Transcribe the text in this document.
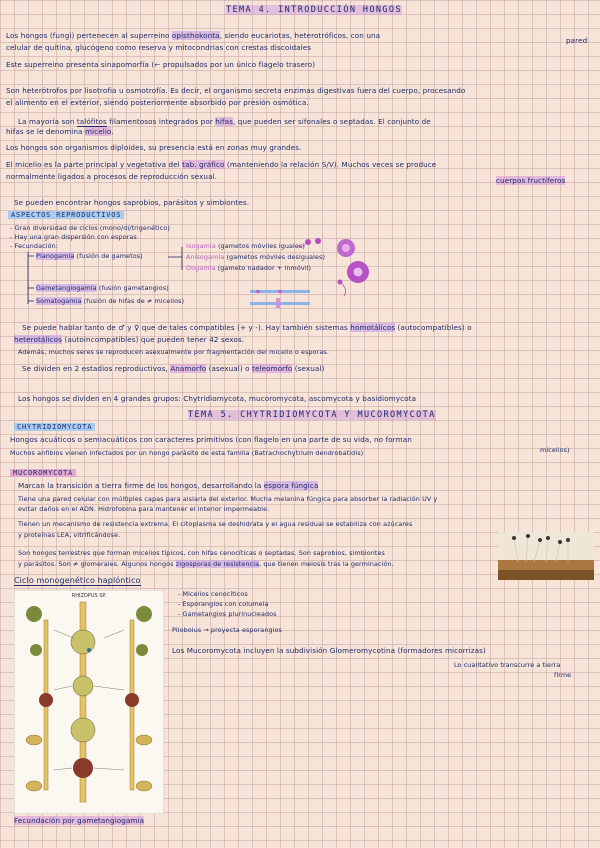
TEMA 4. INTRODUCCIÓN HONGOS
Los hongos (fungi) pertenecen al superreino opisthokonta, siendo eucariotas, heterotróficos, con una
pared
celular de quitina, glucógeno como reserva y mitocondrias con crestas discoidales
Este superreino presenta sinapomorfía (← propulsados por un único flagelo trasero)
Son heterótrofos por lisotrofia u osmotrofía. Es decir, el organismo secreta enzimas digestivas fuera del cuerpo, procesando
el alimento en el exterior, siendo posteriormente absorbido por presión osmótica.
La mayoría son talófitos filamentosos integrados por hifas, que pueden ser sifonales o septadas. El conjunto de
hifas se le denomina micelio.
Los hongos son organismos diploides, su presencia está en zonas muy grandes.
El micelio es la parte principal y vegetativa del tab. gráfico (manteniendo la relación S/V). Muchos veces se produce
normalmente ligados a procesos de reproducción sexual.	cuerpos fructíferos
Se pueden encontrar hongos saprobios, parásitos y simbiontes.
ASPECTOS REPRODUCTIVOS
- Gran diversidad de ciclos (mono/di/trigenético)
- Hay una gran dispersión con esporas
- Fecundación:
Planogamia (fusión de gametos)
Isogamia (gametos móviles iguales)
Anisogamia (gametos móviles desiguales)
Oogamia (gameto nadador + inmóvil)
Gametangiogamia (fusión gametangios)
Somatogamia (fusión de hifas de ≠ micelios)
Se puede hablar tanto de ♂ y ♀ que de tales compatibles (+ y -). Hay también sistemas homotálicos (autocompatibles) o
heterotálicos (autoincompatibles) que pueden tener 42 sexos.
Además, muchos seres se reproducen asexualmente por fragmentación del micelio o esporas.
Se dividen en 2 estadios reproductivos, Anamorfo (asexual) o teleomorfo (sexual)
Los hongos se dividen en 4 grandes grupos: Chytridiomycota, mucoromycota, ascomycota y basidiomycota
TEMA 5. CHYTRIDIOMYCOTA Y MUCOROMYCOTA
CHYTRIDIOMYCOTA
Hongos acuáticos o semiacuáticos con caracteres primitivos (con flagelo en una parte de su vida, no forman
micelios)
Muchos anfibios vienen infectados por un hongo parásito de esta familia (Batrachochytrium dendrobatidis)
MUCOROMYCOTA
Marcan la transición a tierra firme de los hongos, desarrollando la espora fúngica
Tiene una pared celular con múltiples capas para aislarla del exterior. Mucha melanina fúngica para absorber la radiación UV y
evitar daños en el ADN. Hidrofobina para mantener el interior impermeable.
Tienen un mecanismo de resistencia extrema. El citoplasma se deshidrata y el agua residual se estabiliza con azúcares
y proteínas LEA, vitrificándose.
Son hongos terrestres que forman micelios típicos, con hifas cenocíticas o septadas. Son saprobios, simbiontes
y parásitos. Son ≠ glomerales. Algunos hongos zigosporas de resistencia, que tienen meiosis tras la germinación.
Ciclo monogenético haplóntico
RHIZOPUS SP.	- Micelios cenocíticos
- Esporangios con columela
- Gametangios plurinucleados
Pilobolus → proyecta esporangios
Los Mucoromycota incluyen la subdivisión Glomeromycotina (formadores micorrizas)
Lo cualitativo transcurre a tierra
firme
Fecundación por gametangiogamia
